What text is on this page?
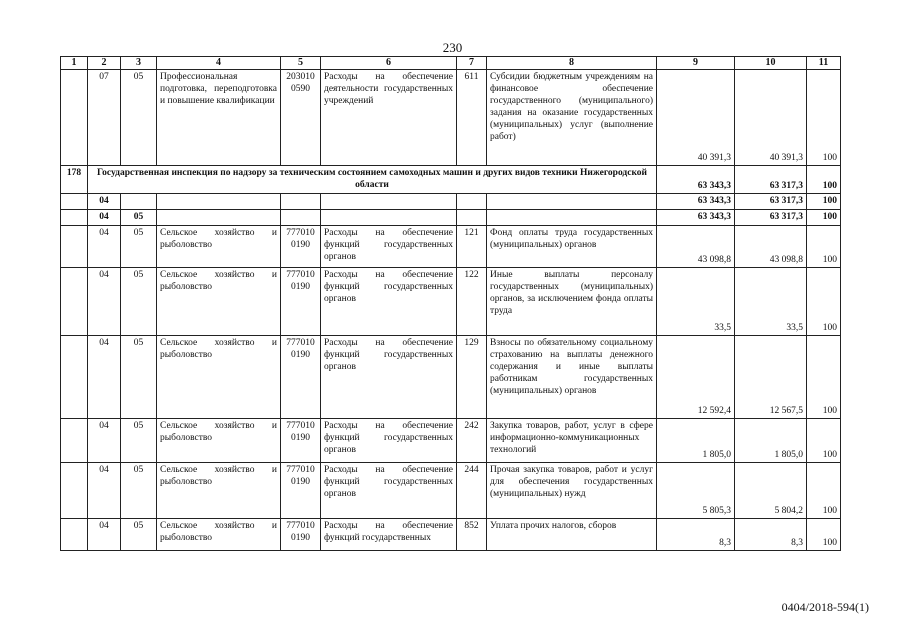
230
1	2	3	4	5	6	7	8	9	10	11
	07	05	Профессиональная подготовка, переподготовка и повышение квалификации	203010 0590	Расходы на обеспечение деятельности государственных учреждений	611	Субсидии бюджетным учреждениям на финансовое обеспечение государственного (муниципального) задания на оказание государственных (муниципальных) услуг (выполнение работ)	40 391,3	40 391,3	100
178	Государственная инспекция по надзору за техническим состоянием самоходных машин и других видов техники Нижегородской области							63 343,3	63 317,3	100
	04							63 343,3	63 317,3	100
	04	05						63 343,3	63 317,3	100
	04	05	Сельское хозяйство и рыболовство	777010 0190	Расходы на обеспечение функций государственных органов	121	Фонд оплаты труда государственных (муниципальных) органов	43 098,8	43 098,8	100
	04	05	Сельское хозяйство и рыболовство	777010 0190	Расходы на обеспечение функций государственных органов	122	Иные выплаты персоналу государственных (муниципальных) органов, за исключением фонда оплаты труда	33,5	33,5	100
	04	05	Сельское хозяйство и рыболовство	777010 0190	Расходы на обеспечение функций государственных органов	129	Взносы по обязательному социальному страхованию на выплаты денежного содержания и иные выплаты работникам государственных (муниципальных) органов	12 592,4	12 567,5	100
	04	05	Сельское хозяйство и рыболовство	777010 0190	Расходы на обеспечение функций государственных органов	242	Закупка товаров, работ, услуг в сфере информационно-коммуникационных технологий	1 805,0	1 805,0	100
	04	05	Сельское хозяйство и рыболовство	777010 0190	Расходы на обеспечение функций государственных органов	244	Прочая закупка товаров, работ и услуг для обеспечения государственных (муниципальных) нужд	5 805,3	5 804,2	100
	04	05	Сельское хозяйство и рыболовство	777010 0190	Расходы на обеспечение функций государственных	852	Уплата прочих налогов, сборов	8,3	8,3	100
0404/2018-594(1)
